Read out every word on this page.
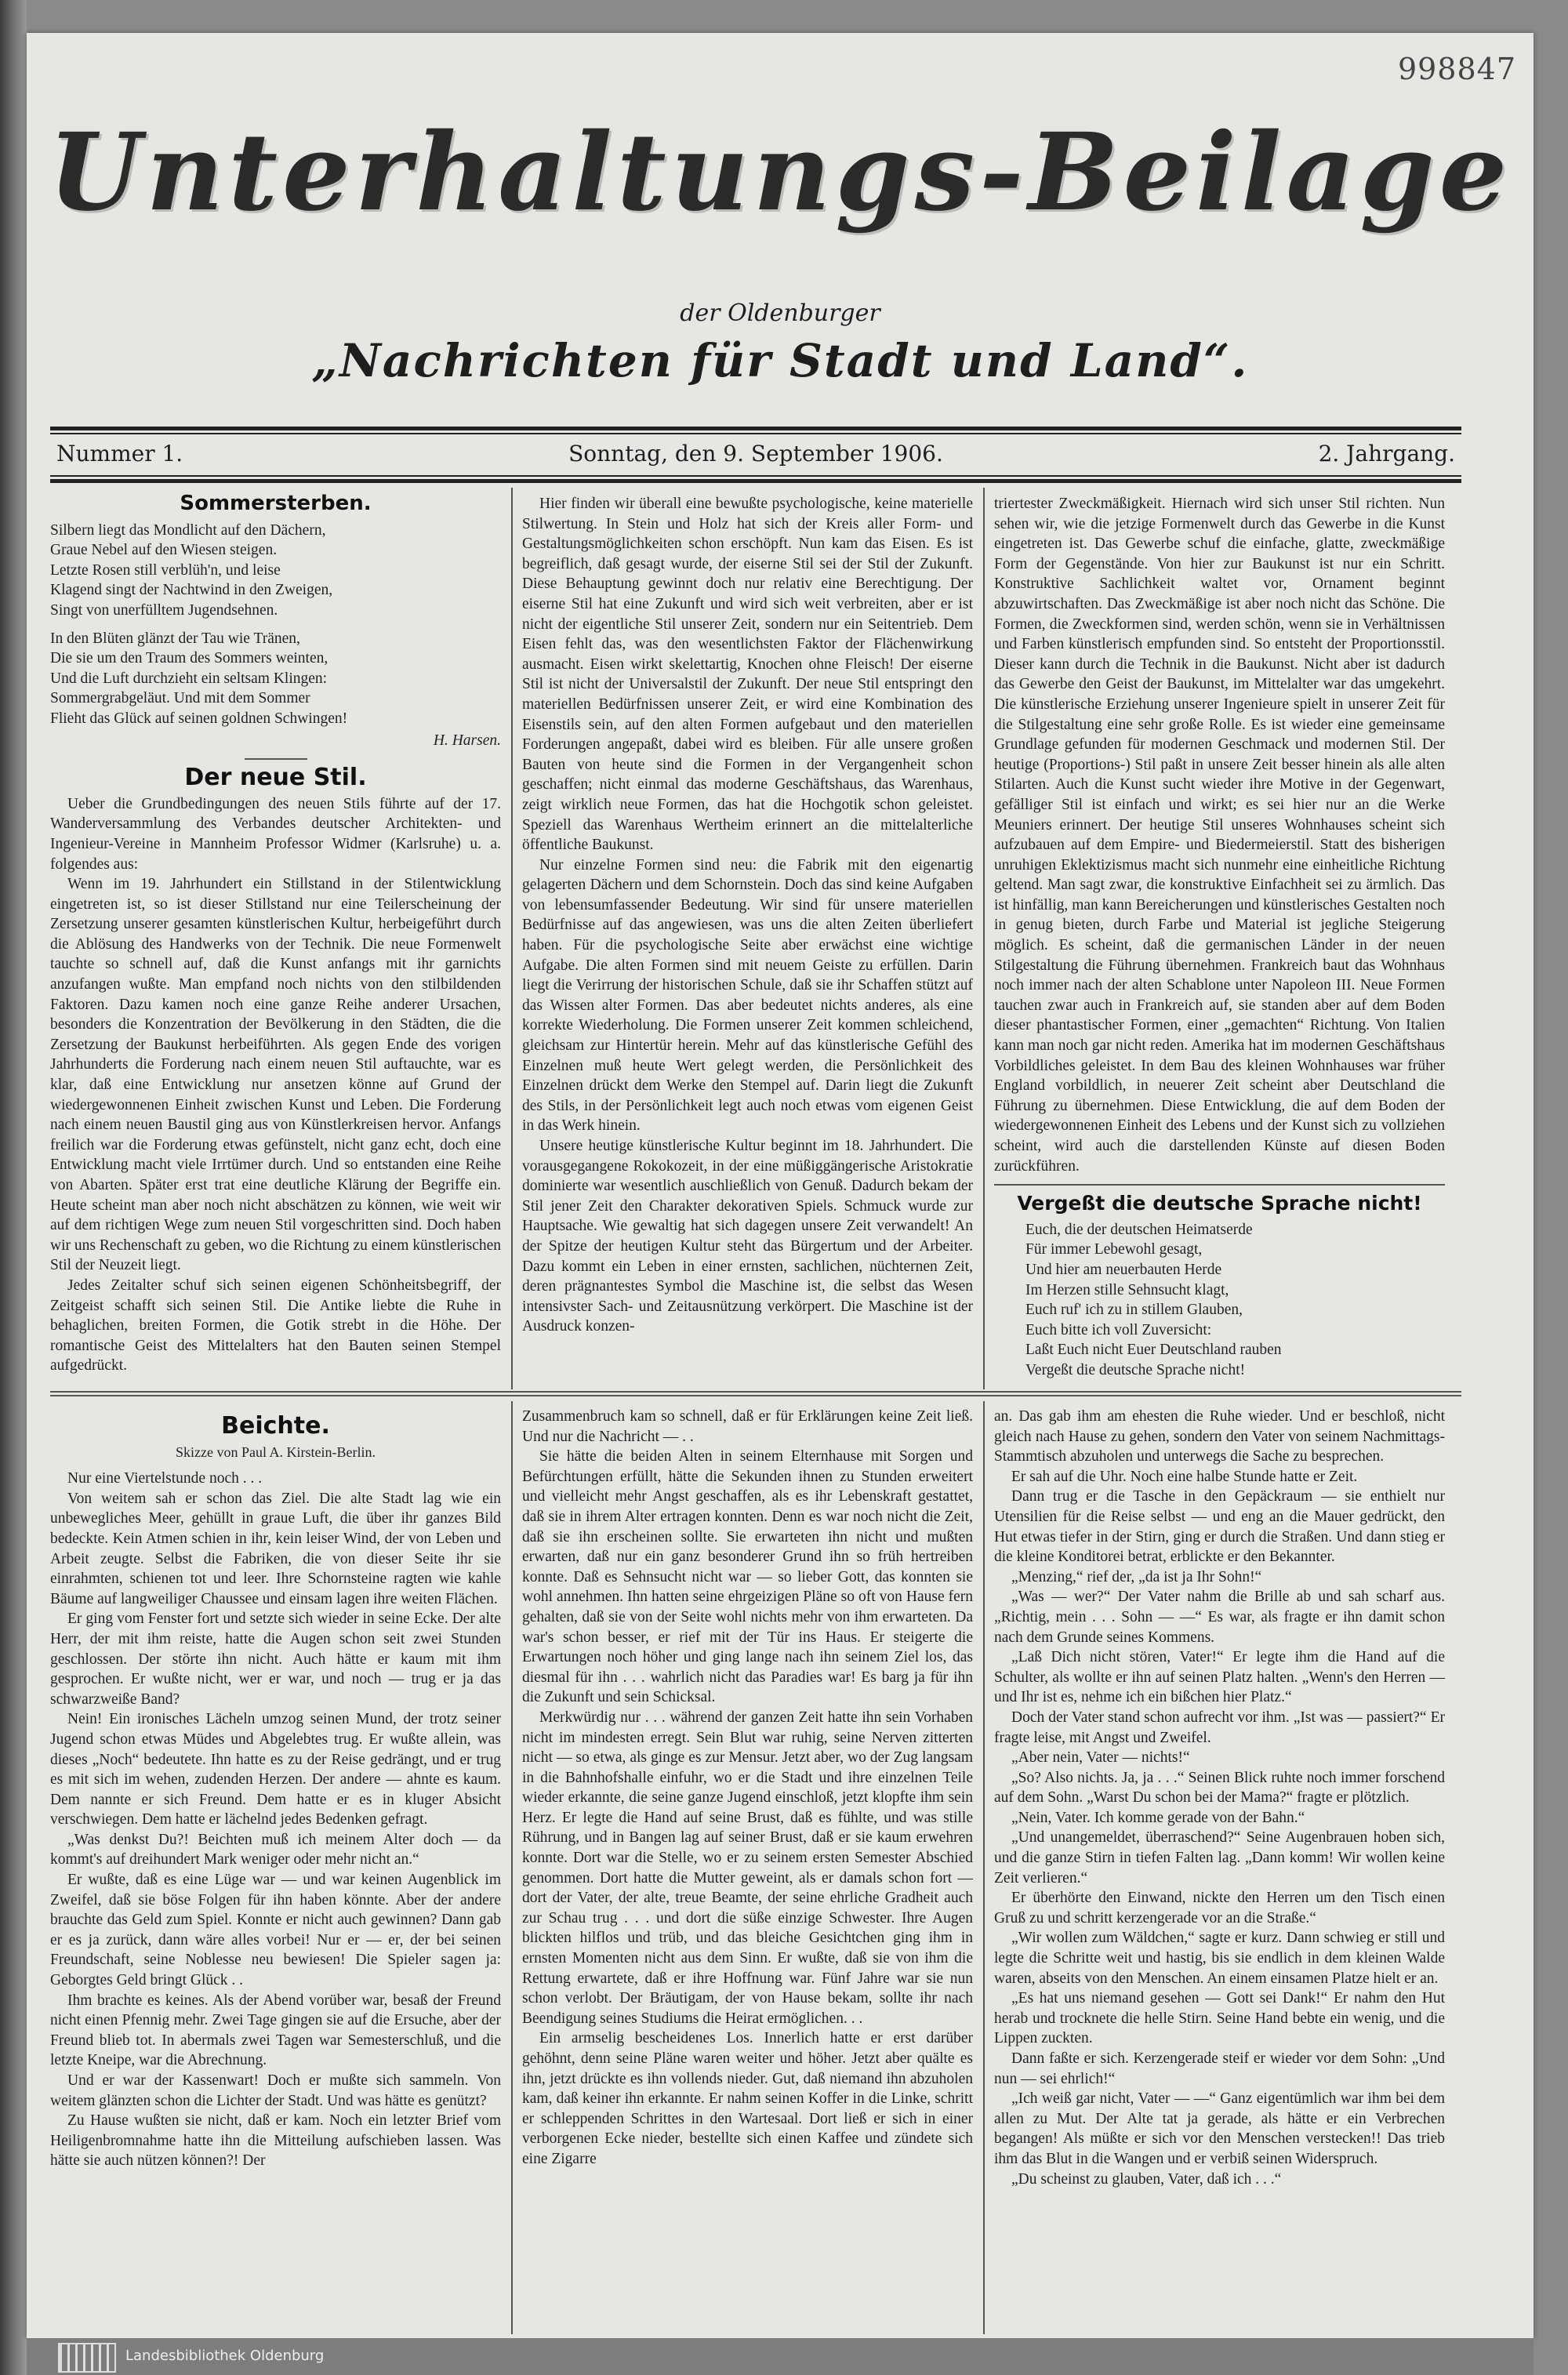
998847
Unterhaltungs-Beilage
der Oldenburger
„Nachrichten für Stadt und Land“.
Nummer 1.	Sonntag, den 9. September 1906.	2. Jahrgang.
Sommersterben.

Silbern liegt das Mondlicht auf den Dächern,
Graue Nebel auf den Wiesen steigen.
Letzte Rosen still verblüh'n, und leise
Klagend singt der Nachtwind in den Zweigen,
Singt von unerfülltem Jugendsehnen.

In den Blüten glänzt der Tau wie Tränen,
Die sie um den Traum des Sommers weinten,
Und die Luft durchzieht ein seltsam Klingen:
Sommergrabgeläut. Und mit dem Sommer
Flieht das Glück auf seinen goldnen Schwingen!

H. Harsen.
Der neue Stil.

Ueber die Grundbedingungen des neuen Stils führte auf der 17. Wanderversammlung des Verbandes deutscher Architekten- und Ingenieur-Vereine in Mannheim Professor Widmer (Karlsruhe) u. a. folgendes aus:

Wenn im 19. Jahrhundert ein Stillstand in der Stilentwicklung eingetreten ist, so ist dieser Stillstand nur eine Teilerscheinung der Zersetzung unserer gesamten künstlerischen Kultur, herbeigeführt durch die Ablösung des Handwerks von der Technik. Die neue Formenwelt tauchte so schnell auf, daß die Kunst anfangs mit ihr garnichts anzufangen wußte. Man empfand noch nichts von den stilbildenden Faktoren. Dazu kamen noch eine ganze Reihe anderer Ursachen, besonders die Konzentration der Bevölkerung in den Städten, die die Zersetzung der Baukunst herbeiführten. Als gegen Ende des vorigen Jahrhunderts die Forderung nach einem neuen Stil auftauchte, war es klar, daß eine Entwicklung nur ansetzen könne auf Grund der wiedergewonnenen Einheit zwischen Kunst und Leben. Die Forderung nach einem neuen Baustil ging aus von Künstlerkreisen hervor. Anfangs freilich war die Forderung etwas gefünstelt, nicht ganz echt, doch eine Entwicklung macht viele Irrtümer durch. Und so entstanden eine Reihe von Abarten. Später erst trat eine deutliche Klärung der Begriffe ein. Heute scheint man aber noch nicht abschätzen zu können, wie weit wir auf dem richtigen Wege zum neuen Stil vorgeschritten sind. Doch haben wir uns Rechenschaft zu geben, wo die Richtung zu einem künstlerischen Stil der Neuzeit liegt.

Jedes Zeitalter schuf sich seinen eigenen Schönheitsbegriff, der Zeitgeist schafft sich seinen Stil. Die Antike liebte die Ruhe in behaglichen, breiten Formen, die Gotik strebt in die Höhe. Der romantische Geist des Mittelalters hat den Bauten seinen Stempel aufgedrückt.

Hier finden wir überall eine bewußte psychologische, keine materielle Stilwertung. In Stein und Holz hat sich der Kreis aller Form- und Gestaltungsmöglichkeiten schon erschöpft. Nun kam das Eisen. Es ist begreiflich, daß gesagt wurde, der eiserne Stil sei der Stil der Zukunft. Diese Behauptung gewinnt doch nur relativ eine Berechtigung. Der eiserne Stil hat eine Zukunft und wird sich weit verbreiten, aber er ist nicht der eigentliche Stil unserer Zeit, sondern nur ein Seitentrieb. Dem Eisen fehlt das, was den wesentlichsten Faktor der Flächenwirkung ausmacht. Eisen wirkt skelettartig, Knochen ohne Fleisch! Der eiserne Stil ist nicht der Universalstil der Zukunft. Der neue Stil entspringt den materiellen Bedürfnissen unserer Zeit, er wird eine Kombination des Eisenstils sein, auf den alten Formen aufgebaut und den materiellen Forderungen angepaßt, dabei wird es bleiben. Für alle unsere großen Bauten von heute sind die Formen in der Vergangenheit schon geschaffen; nicht einmal das moderne Geschäftshaus, das Warenhaus, zeigt wirklich neue Formen, das hat die Hochgotik schon geleistet. Speziell das Warenhaus Wertheim erinnert an die mittelalterliche öffentliche Baukunst.

Nur einzelne Formen sind neu: die Fabrik mit den eigenartig gelagerten Dächern und dem Schornstein. Doch das sind keine Aufgaben von lebensumfassender Bedeutung. Wir sind für unsere materiellen Bedürfnisse auf das angewiesen, was uns die alten Zeiten überliefert haben. Für die psychologische Seite aber erwächst eine wichtige Aufgabe. Die alten Formen sind mit neuem Geiste zu erfüllen. Darin liegt die Verirrung der historischen Schule, daß sie ihr Schaffen stützt auf das Wissen alter Formen. Das aber bedeutet nichts anderes, als eine korrekte Wiederholung. Die Formen unserer Zeit kommen schleichend, gleichsam zur Hintertür herein. Mehr auf das künstlerische Gefühl des Einzelnen muß heute Wert gelegt werden, die Persönlichkeit des Einzelnen drückt dem Werke den Stempel auf. Darin liegt die Zukunft des Stils, in der Persönlichkeit legt auch noch etwas vom eigenen Geist in das Werk hinein.

Unsere heutige künstlerische Kultur beginnt im 18. Jahrhundert. Die vorausgegangene Rokokozeit, in der eine müßiggängerische Aristokratie dominierte war wesentlich auschließlich von Genuß. Dadurch bekam der Stil jener Zeit den Charakter dekorativen Spiels. Schmuck wurde zur Hauptsache. Wie gewaltig hat sich dagegen unsere Zeit verwandelt! An der Spitze der heutigen Kultur steht das Bürgertum und der Arbeiter. Dazu kommt ein Leben in einer ernsten, sachlichen, nüchternen Zeit, deren prägnantestes Symbol die Maschine ist, die selbst das Wesen intensivster Sach- und Zeitausnützung verkörpert. Die Maschine ist der Ausdruck konzen-

triertester Zweckmäßigkeit. Hiernach wird sich unser Stil richten. Nun sehen wir, wie die jetzige Formenwelt durch das Gewerbe in die Kunst eingetreten ist. Das Gewerbe schuf die einfache, glatte, zweckmäßige Form der Gegenstände. Von hier zur Baukunst ist nur ein Schritt. Konstruktive Sachlichkeit waltet vor, Ornament beginnt abzuwirtschaften. Das Zweckmäßige ist aber noch nicht das Schöne. Die Formen, die Zweckformen sind, werden schön, wenn sie in Verhältnissen und Farben künstlerisch empfunden sind. So entsteht der Proportionsstil. Dieser kann durch die Technik in die Baukunst. Nicht aber ist dadurch das Gewerbe den Geist der Baukunst, im Mittelalter war das umgekehrt. Die künstlerische Erziehung unserer Ingenieure spielt in unserer Zeit für die Stilgestaltung eine sehr große Rolle. Es ist wieder eine gemeinsame Grundlage gefunden für modernen Geschmack und modernen Stil. Der heutige (Proportions-) Stil paßt in unsere Zeit besser hinein als alle alten Stilarten. Auch die Kunst sucht wieder ihre Motive in der Gegenwart, gefälliger Stil ist einfach und wirkt; es sei hier nur an die Werke Meuniers erinnert. Der heutige Stil unseres Wohnhauses scheint sich aufzubauen auf dem Empire- und Biedermeierstil. Statt des bisherigen unruhigen Eklektizismus macht sich nunmehr eine einheitliche Richtung geltend. Man sagt zwar, die konstruktive Einfachheit sei zu ärmlich. Das ist hinfällig, man kann Bereicherungen und künstlerisches Gestalten noch in genug bieten, durch Farbe und Material ist jegliche Steigerung möglich. Es scheint, daß die germanischen Länder in der neuen Stilgestaltung die Führung übernehmen. Frankreich baut das Wohnhaus noch immer nach der alten Schablone unter Napoleon III. Neue Formen tauchen zwar auch in Frankreich auf, sie standen aber auf dem Boden dieser phantastischer Formen, einer „gemachten“ Richtung. Von Italien kann man noch gar nicht reden. Amerika hat im modernen Geschäftshaus Vorbildliches geleistet. In dem Bau des kleinen Wohnhauses war früher England vorbildlich, in neuerer Zeit scheint aber Deutschland die Führung zu übernehmen. Diese Entwicklung, die auf dem Boden der wiedergewonnenen Einheit des Lebens und der Kunst sich zu vollziehen scheint, wird auch die darstellenden Künste auf diesen Boden zurückführen.

Vergeßt die deutsche Sprache nicht!

Euch, die der deutschen Heimatserde
Für immer Lebewohl gesagt,
Und hier am neuerbauten Herde
Im Herzen stille Sehnsucht klagt,
Euch ruf' ich zu in stillem Glauben,
Euch bitte ich voll Zuversicht:
Laßt Euch nicht Euer Deutschland rauben
Vergeßt die deutsche Sprache nicht!

Beichte.
Skizze von Paul A. Kirstein-Berlin.

Nur eine Viertelstunde noch . . .

Von weitem sah er schon das Ziel. Die alte Stadt lag wie ein unbewegliches Meer, gehüllt in graue Luft, die über ihr ganzes Bild bedeckte. Kein Atmen schien in ihr, kein leiser Wind, der von Leben und Arbeit zeugte. Selbst die Fabriken, die von dieser Seite ihr sie einrahmten, schienen tot und leer. Ihre Schornsteine ragten wie kahle Bäume auf langweiliger Chaussee und einsam lagen ihre weiten Flächen.

Er ging vom Fenster fort und setzte sich wieder in seine Ecke. Der alte Herr, der mit ihm reiste, hatte die Augen schon seit zwei Stunden geschlossen. Der störte ihn nicht. Auch hätte er kaum mit ihm gesprochen. Er wußte nicht, wer er war, und noch — trug er ja das schwarzweiße Band?

Nein! Ein ironisches Lächeln umzog seinen Mund, der trotz seiner Jugend schon etwas Müdes und Abgelebtes trug. Er wußte allein, was dieses „Noch“ bedeutete. Ihn hatte es zu der Reise gedrängt, und er trug es mit sich im wehen, zudenden Herzen. Der andere — ahnte es kaum. Dem nannte er sich Freund. Dem hatte er es in kluger Absicht verschwiegen. Dem hatte er lächelnd jedes Bedenken gefragt.

„Was denkst Du?! Beichten muß ich meinem Alter doch — da kommt's auf dreihundert Mark weniger oder mehr nicht an.“

Er wußte, daß es eine Lüge war — und war keinen Augenblick im Zweifel, daß sie böse Folgen für ihn haben könnte. Aber der andere brauchte das Geld zum Spiel. Konnte er nicht auch gewinnen? Dann gab er es ja zurück, dann wäre alles vorbei! Nur er — er, der bei seinen Freundschaft, seine Noblesse neu bewiesen! Die Spieler sagen ja: Geborgtes Geld bringt Glück . .

Ihm brachte es keines. Als der Abend vorüber war, besaß der Freund nicht einen Pfennig mehr. Zwei Tage gingen sie auf die Ersuche, aber der Freund blieb tot. In abermals zwei Tagen war Semesterschluß, und die letzte Kneipe, war die Abrechnung.

Und er war der Kassenwart! Doch er mußte sich sammeln. Von weitem glänzten schon die Lichter der Stadt. Und was hätte es genützt?

Zu Hause wußten sie nicht, daß er kam. Noch ein letzter Brief vom Heiligenbromnahme hatte ihn die Mitteilung aufschieben lassen. Was hätte sie auch nützen können?! Der

Zusammenbruch kam so schnell, daß er für Erklärungen keine Zeit ließ. Und nur die Nachricht — . .

Sie hätte die beiden Alten in seinem Elternhause mit Sorgen und Befürchtungen erfüllt, hätte die Sekunden ihnen zu Stunden erweitert und vielleicht mehr Angst geschaffen, als es ihr Lebenskraft gestattet, daß sie in ihrem Alter ertragen konnten. Denn es war noch nicht die Zeit, daß sie ihn erscheinen sollte. Sie erwarteten ihn nicht und mußten erwarten, daß nur ein ganz besonderer Grund ihn so früh hertreiben konnte. Daß es Sehnsucht nicht war — so lieber Gott, das konnten sie wohl annehmen. Ihn hatten seine ehrgeizigen Pläne so oft von Hause fern gehalten, daß sie von der Seite wohl nichts mehr von ihm erwarteten. Da war's schon besser, er rief mit der Tür ins Haus. Er steigerte die Erwartungen noch höher und ging lange nach ihn seinem Ziel los, das diesmal für ihn . . . wahrlich nicht das Paradies war! Es barg ja für ihn die Zukunft und sein Schicksal.

Merkwürdig nur . . . während der ganzen Zeit hatte ihn sein Vorhaben nicht im mindesten erregt. Sein Blut war ruhig, seine Nerven zitterten nicht — so etwa, als ginge es zur Mensur. Jetzt aber, wo der Zug langsam in die Bahnhofshalle einfuhr, wo er die Stadt und ihre einzelnen Teile wieder erkannte, die seine ganze Jugend einschloß, jetzt klopfte ihm sein Herz. Er legte die Hand auf seine Brust, daß es fühlte, und was stille Rührung, und in Bangen lag auf seiner Brust, daß er sie kaum erwehren konnte. Dort war die Stelle, wo er zu seinem ersten Semester Abschied genommen. Dort hatte die Mutter geweint, als er damals schon fort — dort der Vater, der alte, treue Beamte, der seine ehrliche Gradheit auch zur Schau trug . . . und dort die süße einzige Schwester. Ihre Augen blickten hilflos und trüb, und das bleiche Gesichtchen ging ihm in ernsten Momenten nicht aus dem Sinn. Er wußte, daß sie von ihm die Rettung erwartete, daß er ihre Hoffnung war. Fünf Jahre war sie nun schon verlobt. Der Bräutigam, der von Hause bekam, sollte ihr nach Beendigung seines Studiums die Heirat ermöglichen. . .

Ein armselig bescheidenes Los. Innerlich hatte er erst darüber gehöhnt, denn seine Pläne waren weiter und höher. Jetzt aber quälte es ihn, jetzt drückte es ihn vollends nieder. Gut, daß niemand ihn abzuholen kam, daß keiner ihn erkannte. Er nahm seinen Koffer in die Linke, schritt er schleppenden Schrittes in den Wartesaal. Dort ließ er sich in einer verborgenen Ecke nieder, bestellte sich einen Kaffee und zündete sich eine Zigarre

an. Das gab ihm am ehesten die Ruhe wieder. Und er beschloß, nicht gleich nach Hause zu gehen, sondern den Vater von seinem Nachmittags-Stammtisch abzuholen und unterwegs die Sache zu besprechen.

Er sah auf die Uhr. Noch eine halbe Stunde hatte er Zeit.

Dann trug er die Tasche in den Gepäckraum — sie enthielt nur Utensilien für die Reise selbst — und eng an die Mauer gedrückt, den Hut etwas tiefer in der Stirn, ging er durch die Straßen. Und dann stieg er die kleine Konditorei betrat, erblickte er den Bekannter.

„Menzing,“ rief der, „da ist ja Ihr Sohn!“

„Was — wer?“ Der Vater nahm die Brille ab und sah scharf aus. „Richtig, mein . . . Sohn — —“ Es war, als fragte er ihn damit schon nach dem Grunde seines Kommens.

„Laß Dich nicht stören, Vater!“ Er legte ihm die Hand auf die Schulter, als wollte er ihn auf seinen Platz halten. „Wenn's den Herren — und Ihr ist es, nehme ich ein bißchen hier Platz.“

Doch der Vater stand schon aufrecht vor ihm. „Ist was — passiert?“ Er fragte leise, mit Angst und Zweifel.

„Aber nein, Vater — nichts!“

„So? Also nichts. Ja, ja . . .“ Seinen Blick ruhte noch immer forschend auf dem Sohn. „Warst Du schon bei der Mama?“ fragte er plötzlich.

„Nein, Vater. Ich komme gerade von der Bahn.“

„Und unangemeldet, überraschend?“ Seine Augenbrauen hoben sich, und die ganze Stirn in tiefen Falten lag. „Dann komm! Wir wollen keine Zeit verlieren.“

Er überhörte den Einwand, nickte den Herren um den Tisch einen Gruß zu und schritt kerzengerade vor an die Straße.“

„Wir wollen zum Wäldchen,“ sagte er kurz. Dann schwieg er still und legte die Schritte weit und hastig, bis sie endlich in dem kleinen Walde waren, abseits von den Menschen. An einem einsamen Platze hielt er an.

„Es hat uns niemand gesehen — Gott sei Dank!“ Er nahm den Hut herab und trocknete die helle Stirn. Seine Hand bebte ein wenig, und die Lippen zuckten.

Dann faßte er sich. Kerzengerade steif er wieder vor dem Sohn: „Und nun — sei ehrlich!“

„Ich weiß gar nicht, Vater — —“ Ganz eigentümlich war ihm bei dem allen zu Mut. Der Alte tat ja gerade, als hätte er ein Verbrechen begangen! Als müßte er sich vor den Menschen verstecken!! Das trieb ihm das Blut in die Wangen und er verbiß seinen Widerspruch.

„Du scheinst zu glauben, Vater, daß ich . . .“

Landesbibliothek Oldenburg
